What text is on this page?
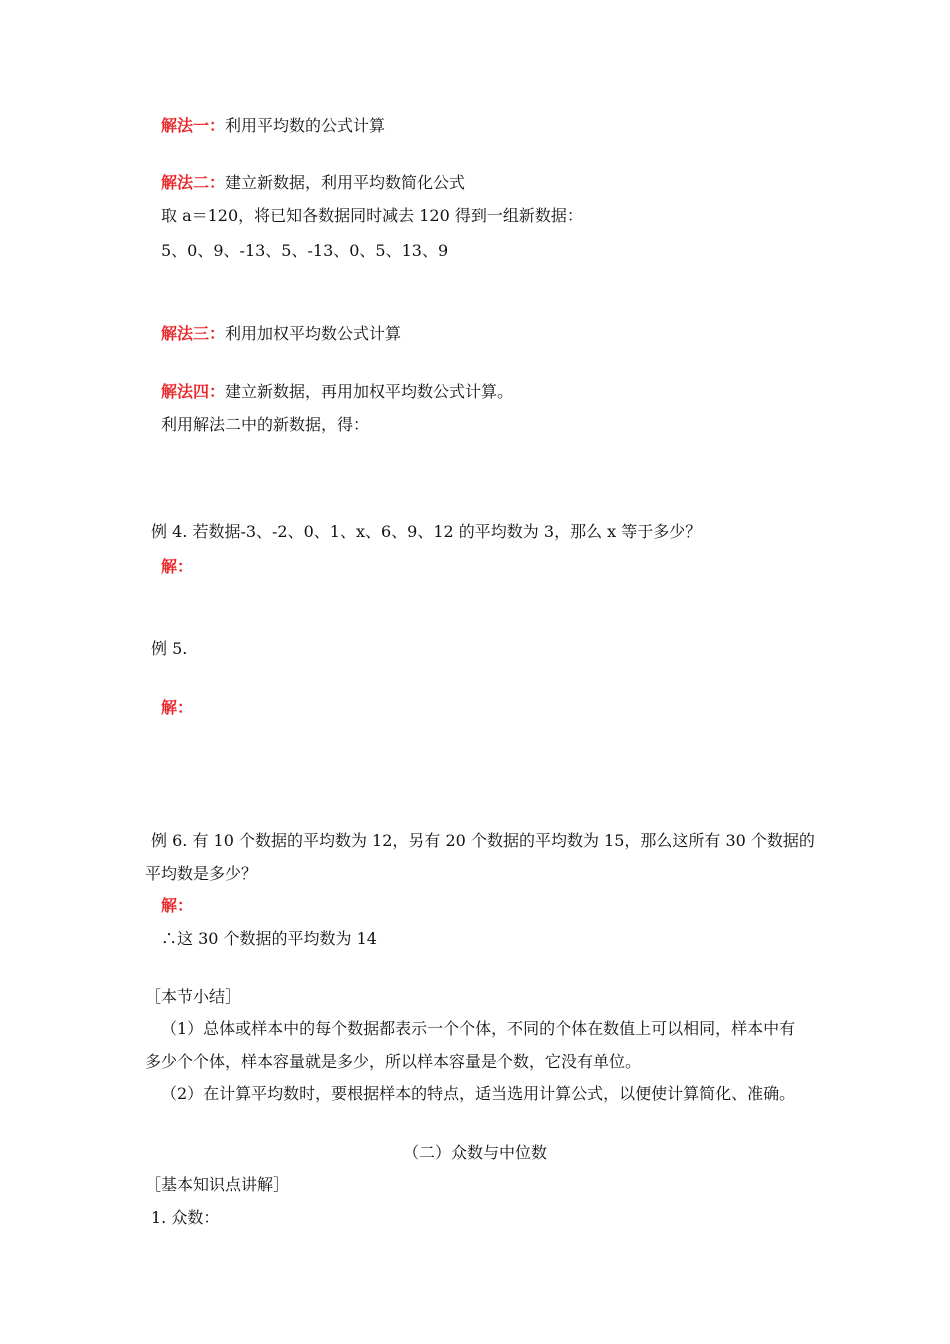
解法一：利用平均数的公式计算
解法二：建立新数据，利用平均数简化公式
取 a＝120，将已知各数据同时减去 120 得到一组新数据：
5、0、9、-13、5、-13、0、5、13、9
解法三：利用加权平均数公式计算
解法四：建立新数据，再用加权平均数公式计算。
利用解法二中的新数据，得：
例 4. 若数据-3、-2、0、1、x、6、9、12 的平均数为 3，那么 x 等于多少？
解：
例 5.
解：
例 6. 有 10 个数据的平均数为 12，另有 20 个数据的平均数为 15，那么这所有 30 个数据的
平均数是多少？
解：
∴这 30 个数据的平均数为 14
［本节小结］
（1）总体或样本中的每个数据都表示一个个体，不同的个体在数值上可以相同，样本中有
多少个个体，样本容量就是多少，所以样本容量是个数，它没有单位。
（2）在计算平均数时，要根据样本的特点，适当选用计算公式，以便使计算简化、准确。
（二）众数与中位数
［基本知识点讲解］
1. 众数：
